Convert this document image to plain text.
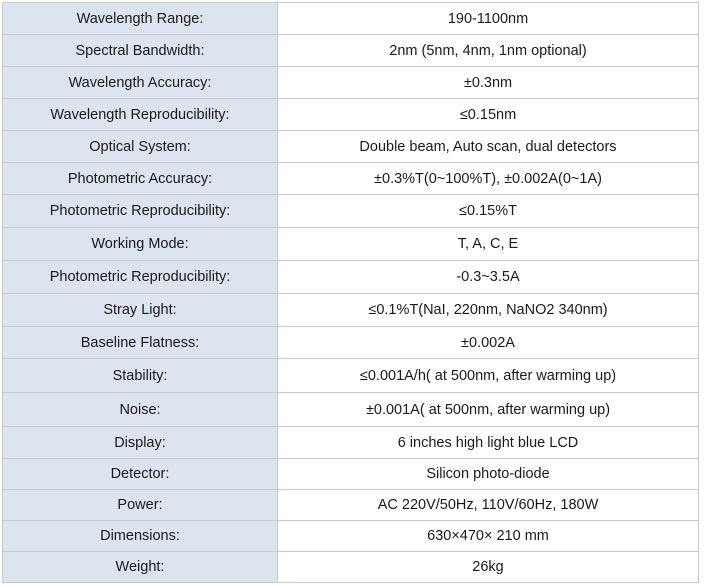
Wavelength Range:	190-1100nm
Spectral Bandwidth:	2nm (5nm, 4nm, 1nm optional)
Wavelength Accuracy:	±0.3nm
Wavelength Reproducibility:	≤0.15nm
Optical System:	Double beam, Auto scan, dual detectors
Photometric Accuracy:	±0.3%T(0~100%T), ±0.002A(0~1A)
Photometric Reproducibility:	≤0.15%T
Working Mode:	T, A, C, E
Photometric Reproducibility:	-0.3~3.5A
Stray Light:	≤0.1%T(NaI, 220nm, NaNO2 340nm)
Baseline Flatness:	±0.002A
Stability:	≤0.001A/h( at 500nm, after warming up)
Noise:	±0.001A( at 500nm, after warming up)
Display:	6 inches high light blue LCD
Detector:	Silicon photo-diode
Power:	AC 220V/50Hz, 110V/60Hz, 180W
Dimensions:	630×470× 210 mm
Weight:	26kg
